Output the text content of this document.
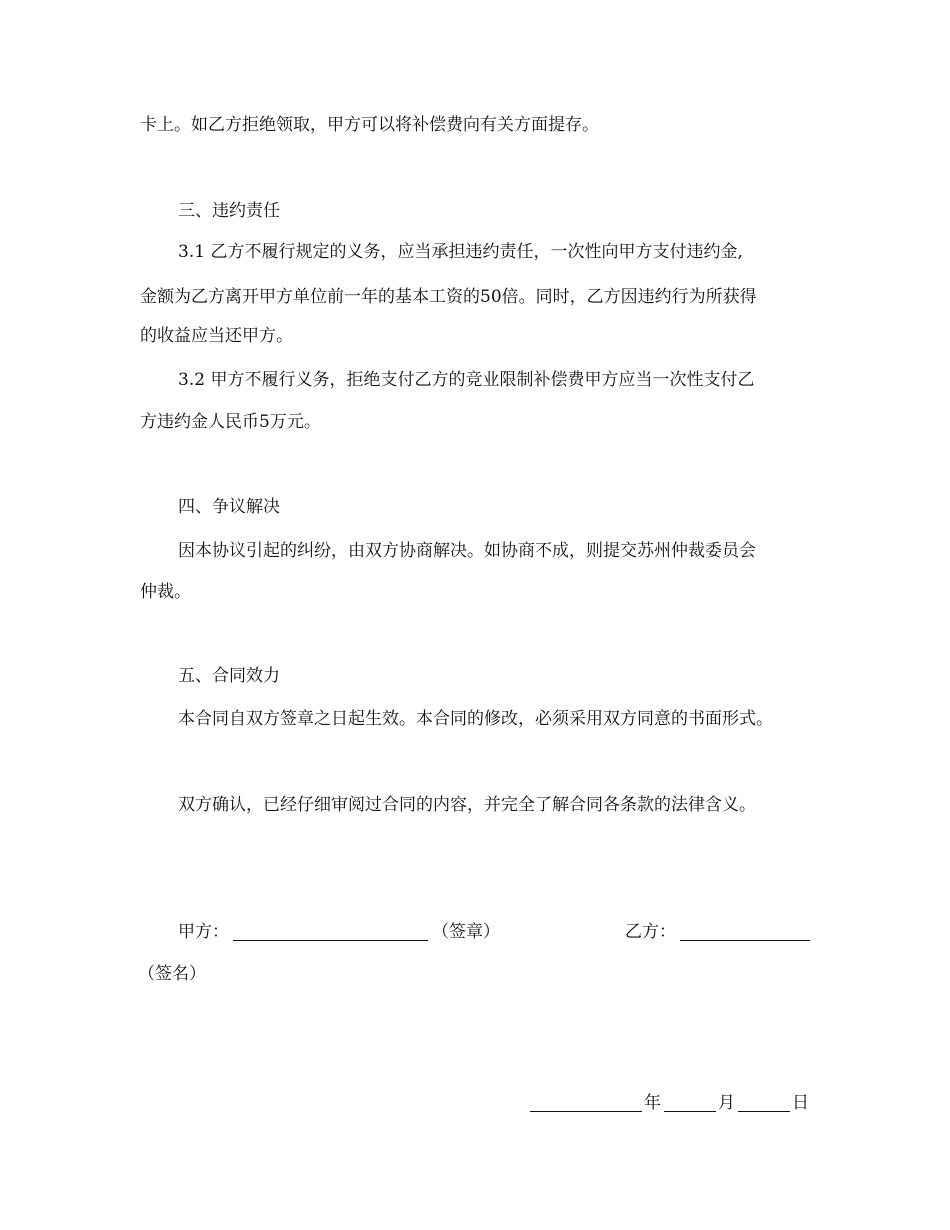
卡上。如乙方拒绝领取，甲方可以将补偿费向有关方面提存。
三、违约责任
3.1 乙方不履行规定的义务，应当承担违约责任，一次性向甲方支付违约金,
金额为乙方离开甲方单位前一年的基本工资的50倍。同时，乙方因违约行为所获得
的收益应当还甲方。
3.2 甲方不履行义务，拒绝支付乙方的竞业限制补偿费甲方应当一次性支付乙
方违约金人民币5万元。
四、争议解决
因本协议引起的纠纷，由双方协商解决。如协商不成，则提交苏州仲裁委员会
仲裁。
五、合同效力
本合同自双方签章之日起生效。本合同的修改，必须采用双方同意的书面形式。
双方确认，已经仔细审阅过合同的内容，并完全了解合同各条款的法律含义。
甲方：	（签章）	乙方：
（签名）
年	月	日
